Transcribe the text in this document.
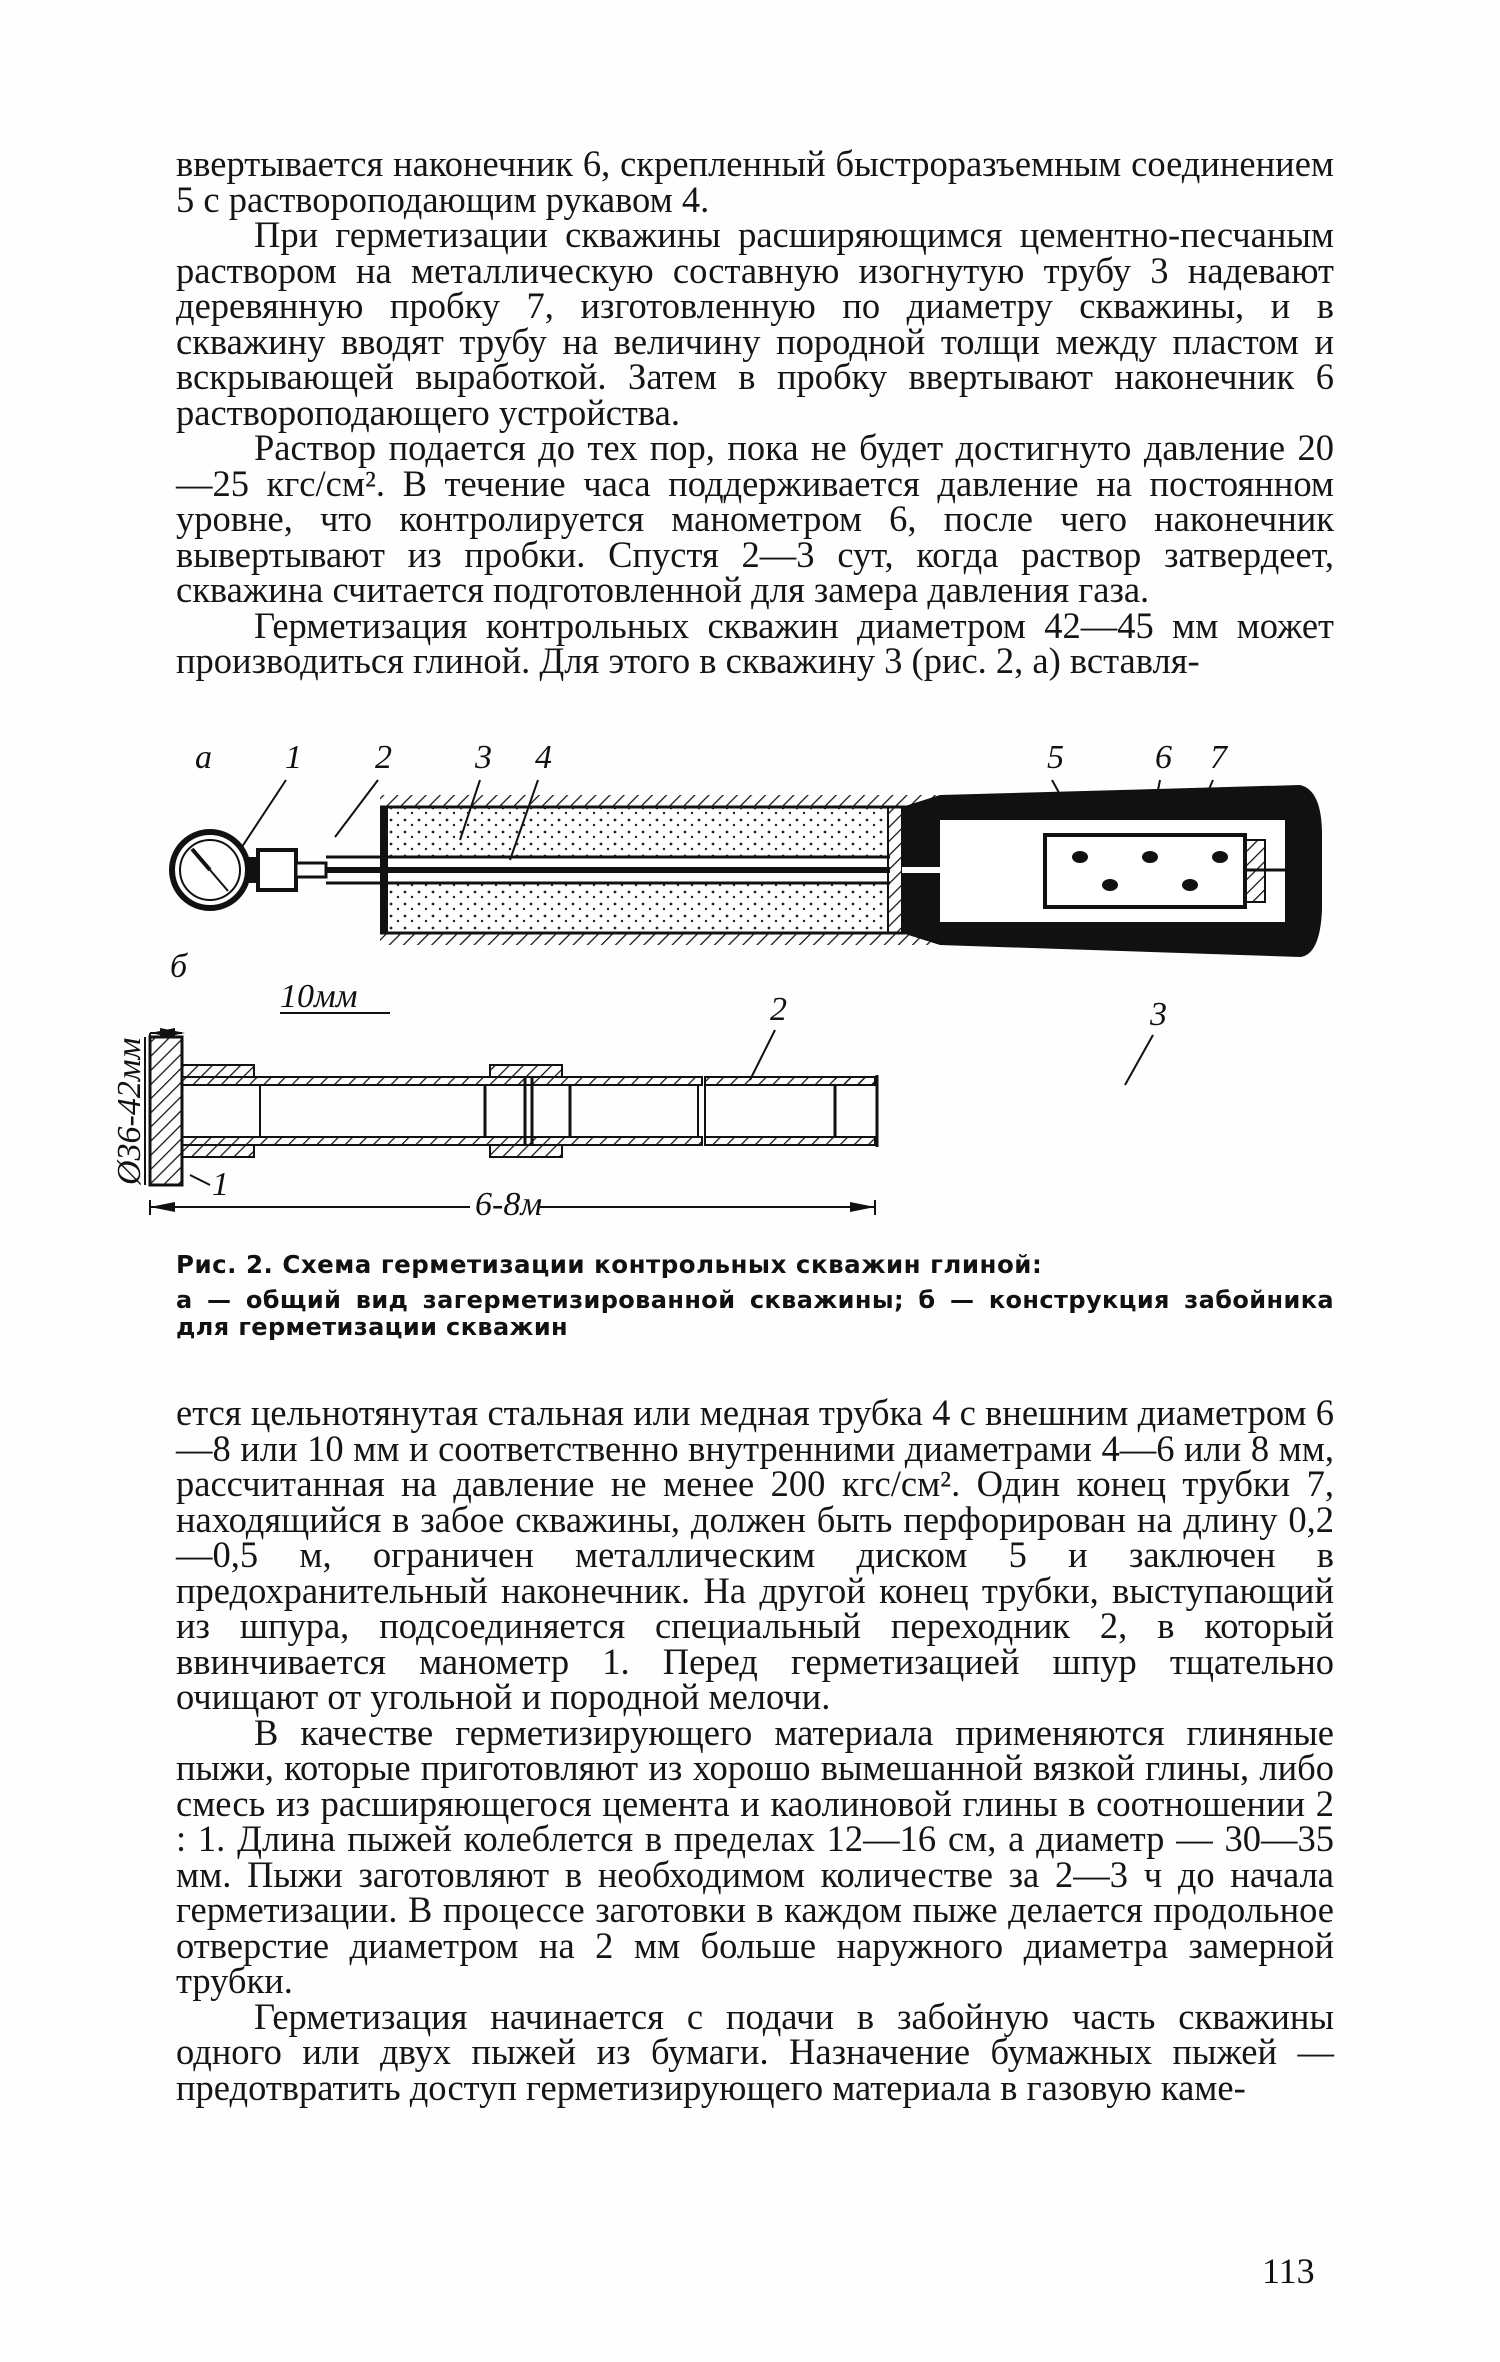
ввертывается наконечник 6, скрепленный быстроразъемным соединением 5 с растворoподающим рукавом 4.

При герметизации скважины расширяющимся цементно-песчаным раствором на металлическую составную изогнутую трубу 3 надевают деревянную пробку 7, изготовленную по диаметру скважины, и в скважину вводят трубу на величину породной толщи между пластом и вскрывающей выработкой. Затем в пробку ввертывают наконечник 6 растворoподающего устройства.

Раствор подается до тех пор, пока не будет достигнуто давление 20—25 кгс/см². В течение часа поддерживается давление на постоянном уровне, что контролируется манометром 6, после чего наконечник вывертывают из пробки. Спустя 2—3 сут, когда раствор затвердеет, скважина считается подготовленной для замера давления газа.

Герметизация контрольных скважин диаметром 42—45 мм может производиться глиной. Для этого в скважину 3 (рис. 2, а) вставля-

а 1 2 3 4	5	6 7
б
10мм	2	3
Ø36-42мм 1
6-8м
Рис. 2. Схема герметизации контрольных скважин глиной:
а — общий вид загерметизированной скважины; б — конструкция забойника для герметизации скважин

ется цельнотянутая стальная или медная трубка 4 с внешним диаметром 6—8 или 10 мм и соответственно внутренними диаметрами 4—6 или 8 мм, рассчитанная на давление не менее 200 кгс/см². Один конец трубки 7, находящийся в забое скважины, должен быть перфорирован на длину 0,2—0,5 м, ограничен металлическим диском 5 и заключен в предохранительный наконечник. На другой конец трубки, выступающий из шпура, подсоединяется специальный переходник 2, в который ввинчивается манометр 1. Перед герметизацией шпур тщательно очищают от угольной и породной мелочи.

В качестве герметизирующего материала применяются глиняные пыжи, которые приготовляют из хорошо вымешанной вязкой глины, либо смесь из расширяющегося цемента и каолиновой глины в соотношении 2 : 1. Длина пыжей колеблется в пределах 12—16 см, а диаметр — 30—35 мм. Пыжи заготовляют в необходимом количестве за 2—3 ч до начала герметизации. В процессе заготовки в каждом пыже делается продольное отверстие диаметром на 2 мм больше наружного диаметра замерной трубки.

Герметизация начинается с подачи в забойную часть скважины одного или двух пыжей из бумаги. Назначение бумажных пыжей — предотвратить доступ герметизирующего материала в газовую каме-

113
